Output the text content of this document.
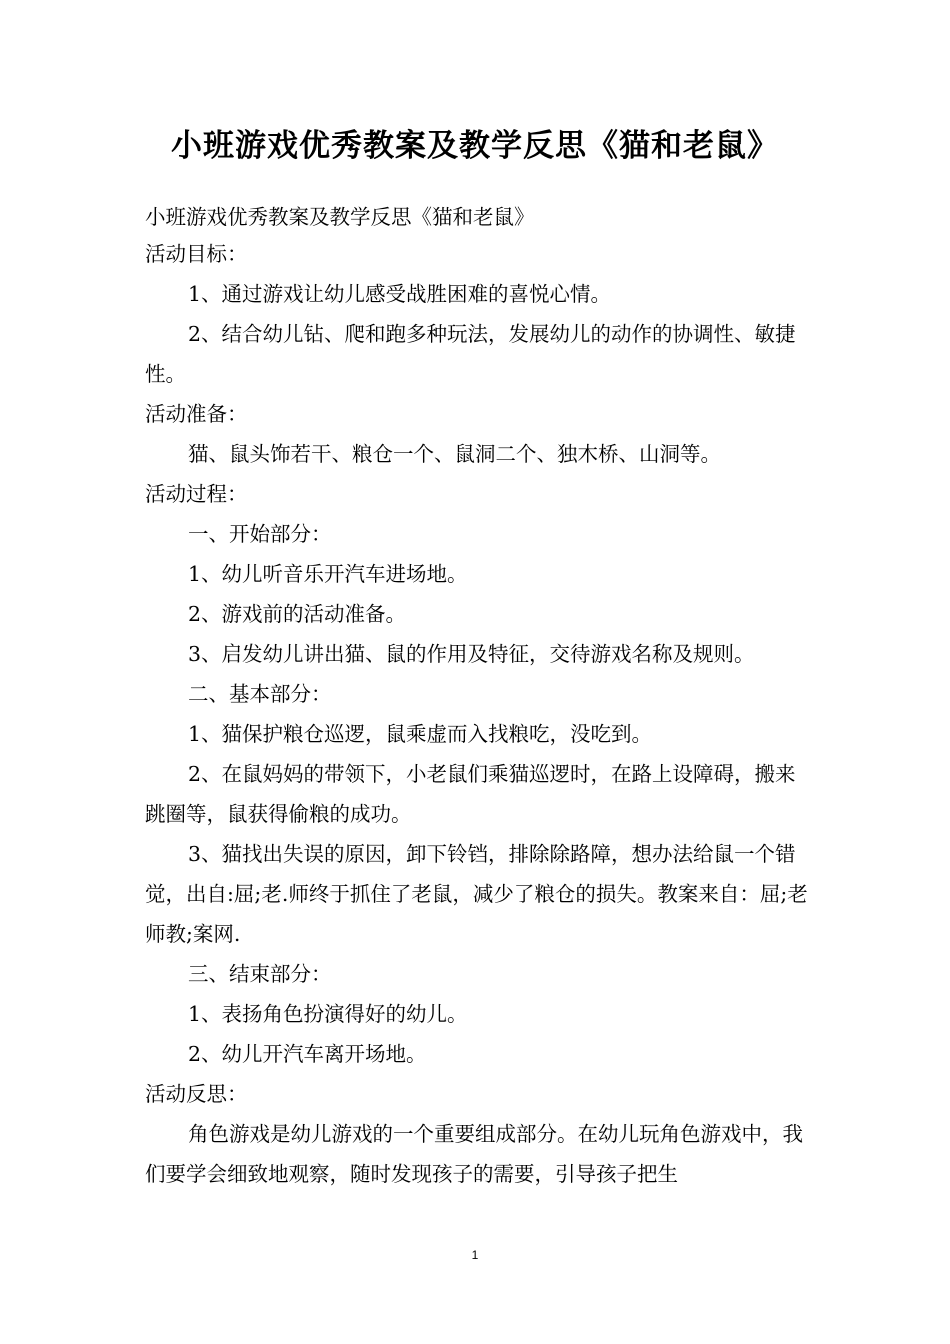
小班游戏优秀教案及教学反思《猫和老鼠》

小班游戏优秀教案及教学反思《猫和老鼠》

活动目标：

1、通过游戏让幼儿感受战胜困难的喜悦心情。

2、结合幼儿钻、爬和跑多种玩法，发展幼儿的动作的协调性、敏捷性。

活动准备：

猫、鼠头饰若干、粮仓一个、鼠洞二个、独木桥、山洞等。

活动过程：

一、开始部分：

1、幼儿听音乐开汽车进场地。

2、游戏前的活动准备。

3、启发幼儿讲出猫、鼠的作用及特征，交待游戏名称及规则。

二、基本部分：

1、猫保护粮仓巡逻，鼠乘虚而入找粮吃，没吃到。

2、在鼠妈妈的带领下，小老鼠们乘猫巡逻时，在路上设障碍，搬来跳圈等，鼠获得偷粮的成功。

3、猫找出失误的原因，卸下铃铛，排除除路障，想办法给鼠一个错觉，出自:屈;老.师终于抓住了老鼠，减少了粮仓的损失。教案来自：屈;老师教;案网.

三、结束部分：

1、表扬角色扮演得好的幼儿。

2、幼儿开汽车离开场地。

活动反思：

角色游戏是幼儿游戏的一个重要组成部分。在幼儿玩角色游戏中，我们要学会细致地观察，随时发现孩子的需要，引导孩子把生

1
